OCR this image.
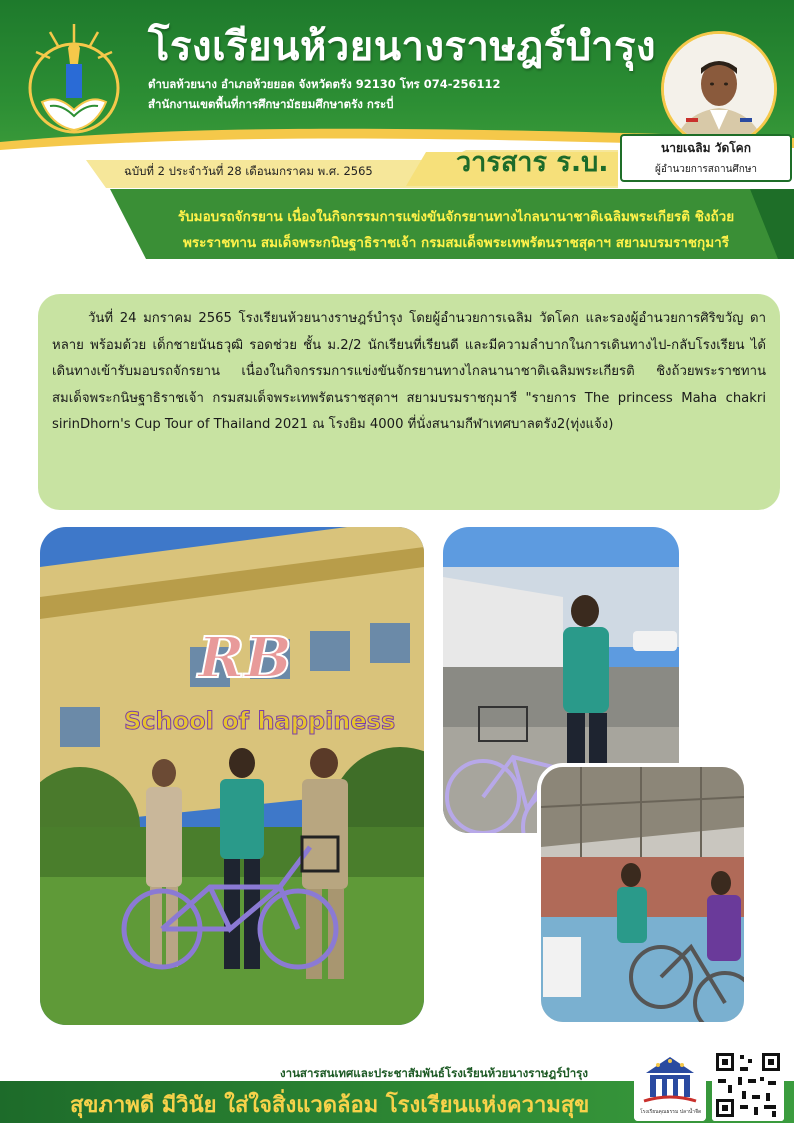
โรงเรียนห้วยนางราษฎร์บำรุง
ตำบลห้วยนาง อำเภอห้วยยอด จังหวัดตรัง 92130 โทร 074-256112
สำนักงานเขตพื้นที่การศึกษามัธยมศึกษาตรัง กระบี่
นายเฉลิม วัดโคก
ผู้อำนวยการสถานศึกษา
ฉบับที่ 2 ประจำวันที่ 28 เดือนมกราคม พ.ศ. 2565	วารสาร ร.บ.
รับมอบรถจักรยาน เนื่องในกิจกรรมการแข่งขันจักรยานทางไกลนานาชาติเฉลิมพระเกียรติ ชิงถ้วย
พระราชทาน สมเด็จพระกนิษฐาธิราชเจ้า กรมสมเด็จพระเทพรัตนราชสุดาฯ สยามบรมราชกุมารี

วันที่ 24 มกราคม 2565 โรงเรียนห้วยนางราษฎร์บำรุง โดยผู้อำนวยการเฉลิม วัดโคก และรองผู้อำนวยการศิริขวัญ ดาหลาย พร้อมด้วย เด็กชายนันธวุฒิ รอดช่วย ชั้น ม.2/2 นักเรียนที่เรียนดี และมีความลำบากในการเดินทางไป-กลับโรงเรียน ได้เดินทางเข้ารับมอบรถจักรยาน เนื่องในกิจกรรมการแข่งขันจักรยานทางไกลนานาชาติเฉลิมพระเกียรติ ชิงถ้วยพระราชทาน สมเด็จพระกนิษฐาธิราชเจ้า กรมสมเด็จพระเทพรัตนราชสุดาฯ สยามบรมราชกุมารี "รายการ The princess Maha chakri sirinDhorn's Cup Tour of Thailand 2021 ณ โรงยิม 4000 ที่นั่งสนามกีฬาเทศบาลตรัง2(ทุ่งแจ้ง)

RB
School of happiness
งานสารสนเทศและประชาสัมพันธ์โรงเรียนห้วยนางราษฎร์บำรุง
สุขภาพดี มีวินัย ใส่ใจสิ่งแวดล้อม โรงเรียนแห่งความสุข	โรงเรียนคุณธรรม ปลาน้ำจืด
